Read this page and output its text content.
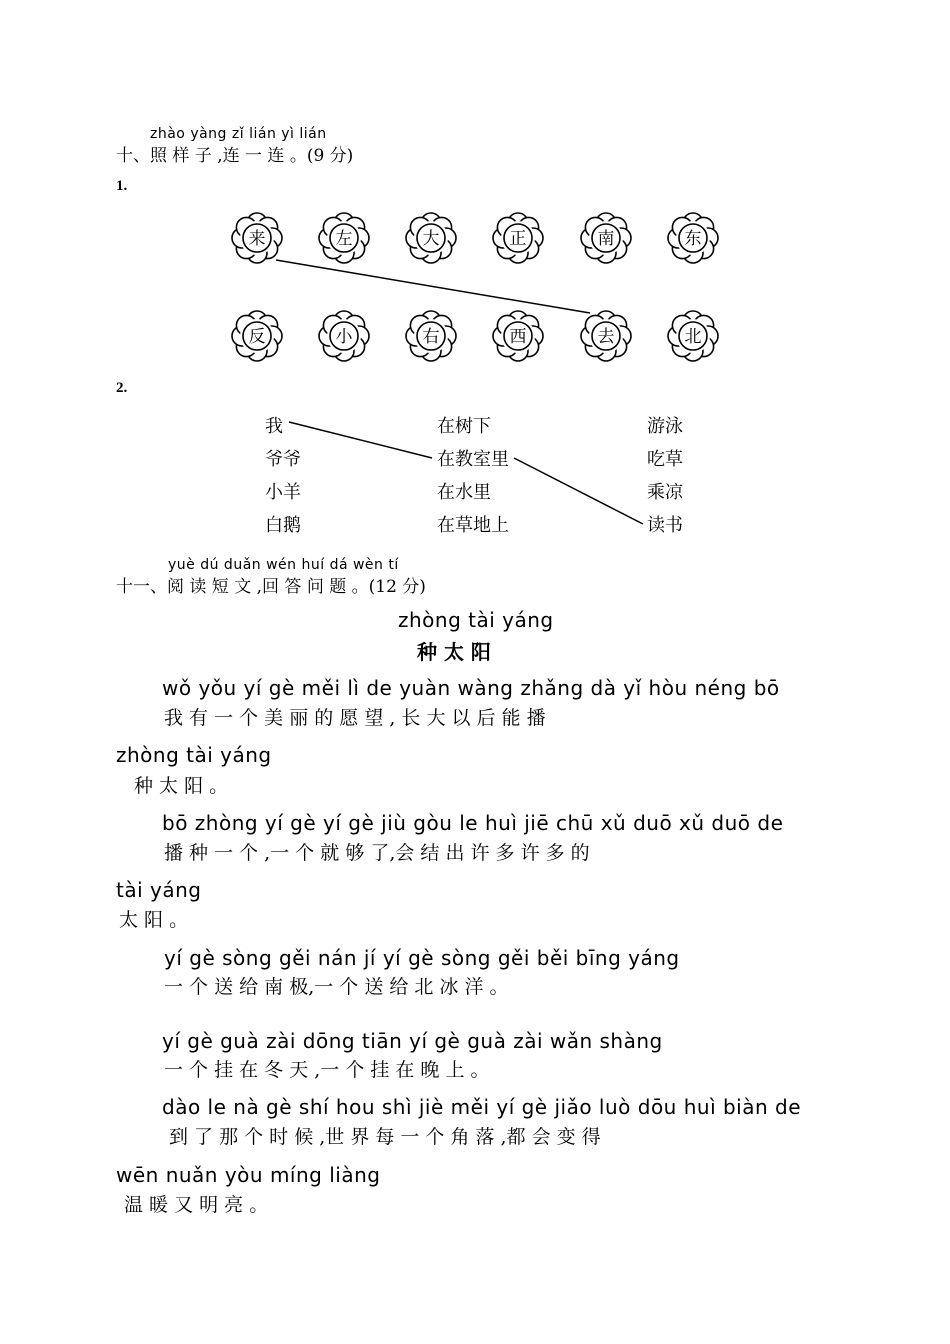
zhào yàng zǐ lián yì lián
十、照 样 子 ,连 一 连 。(9 分)
1.
来	左	大	正	南	东
反	小	右	西	去	北
2.
我
爷爷
小羊
白鹅
在树下
在教室里
在水里
在草地上
游泳
吃草
乘凉
读书
yuè dú duǎn wén huí dá wèn tí
十一、阅 读 短 文 ,回 答 问 题 。(12 分)
zhòng tài yáng
种 太 阳
wǒ yǒu yí gè měi lì de yuàn wàng zhǎng dà yǐ hòu néng bō
我 有 一 个 美 丽 的 愿 望 , 长 大 以 后 能 播
zhòng tài yáng
种 太 阳 。
bō zhòng yí gè yí gè jiù gòu le huì jiē chū xǔ duō xǔ duō de
播 种 一 个 ,一 个 就 够 了,会 结 出 许 多 许 多 的
tài yáng
太 阳 。
yí gè sòng gěi nán jí yí gè sòng gěi běi bīng yáng
一 个 送 给 南 极,一 个 送 给 北 冰 洋 。
yí gè guà zài dōng tiān yí gè guà zài wǎn shàng
一 个 挂 在 冬 天 ,一 个 挂 在 晚 上 。
dào le nà gè shí hou shì jiè měi yí gè jiǎo luò dōu huì biàn de
到 了 那 个 时 候 ,世 界 每 一 个 角 落 ,都 会 变 得
wēn nuǎn yòu míng liàng
温 暖 又 明 亮 。
